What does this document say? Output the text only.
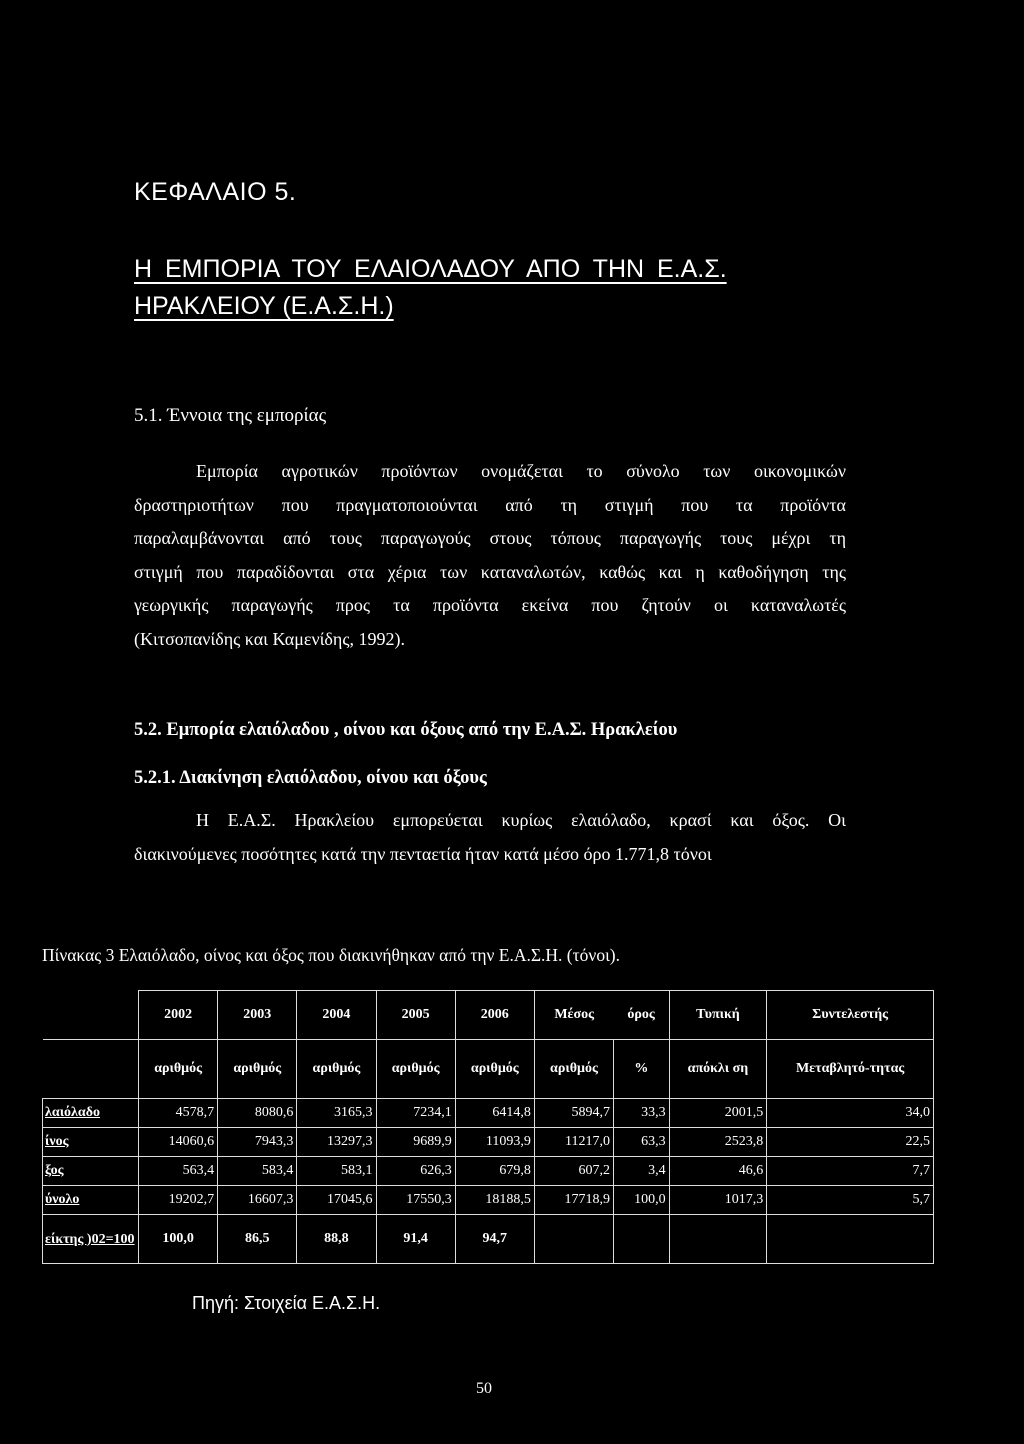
ΚΕΦΑΛΑΙΟ 5.
Η ΕΜΠΟΡΙΑ ΤΟΥ ΕΛΑΙΟΛΑΔΟΥ ΑΠΟ ΤΗΝ Ε.Α.Σ.
ΗΡΑΚΛΕΙΟΥ (Ε.Α.Σ.Η.)
5.1. Έννοια της εμπορίας
Εμπορία αγροτικών προϊόντων ονομάζεται το σύνολο των οικονομικών
δραστηριοτήτων που πραγματοποιούνται από τη στιγμή που τα προϊόντα
παραλαμβάνονται από τους παραγωγούς στους τόπους παραγωγής τους μέχρι τη
στιγμή που παραδίδονται στα χέρια των καταναλωτών, καθώς και η καθοδήγηση της
γεωργικής παραγωγής προς τα προϊόντα εκείνα που ζητούν οι καταναλωτές
(Κιτσοπανίδης και Καμενίδης, 1992).
5.2. Εμπορία ελαιόλαδου , οίνου και όξους από την Ε.Α.Σ. Ηρακλείου
5.2.1. Διακίνηση ελαιόλαδου, οίνου και όξους
Η Ε.Α.Σ. Ηρακλείου εμπορεύεται κυρίως ελαιόλαδο, κρασί και όξος. Οι
διακινούμενες ποσότητες κατά την πενταετία ήταν κατά μέσο όρο 1.771,8 τόνοι
Πίνακας 3 Ελαιόλαδο, οίνος και όξος που διακινήθηκαν από την Ε.Α.Σ.Η. (τόνοι).
	2002	2003	2004	2005	2006	Μέσος	όρος	Τυπική	Συντελεστής
	αριθμός	αριθμός	αριθμός	αριθμός	αριθμός	αριθμός	%	απόκλι ση	Μεταβλητό-τητας
λαιόλαδο	4578,7	8080,6	3165,3	7234,1	6414,8	5894,7	33,3	2001,5	34,0
ίνος	14060,6	7943,3	13297,3	9689,9	11093,9	11217,0	63,3	2523,8	22,5
ξος	563,4	583,4	583,1	626,3	679,8	607,2	3,4	46,6	7,7
ύνολο	19202,7	16607,3	17045,6	17550,3	18188,5	17718,9	100,0	1017,3	5,7
είκτης )02=100	100,0	86,5	88,8	91,4	94,7				
Πηγή: Στοιχεία Ε.Α.Σ.Η.
50
